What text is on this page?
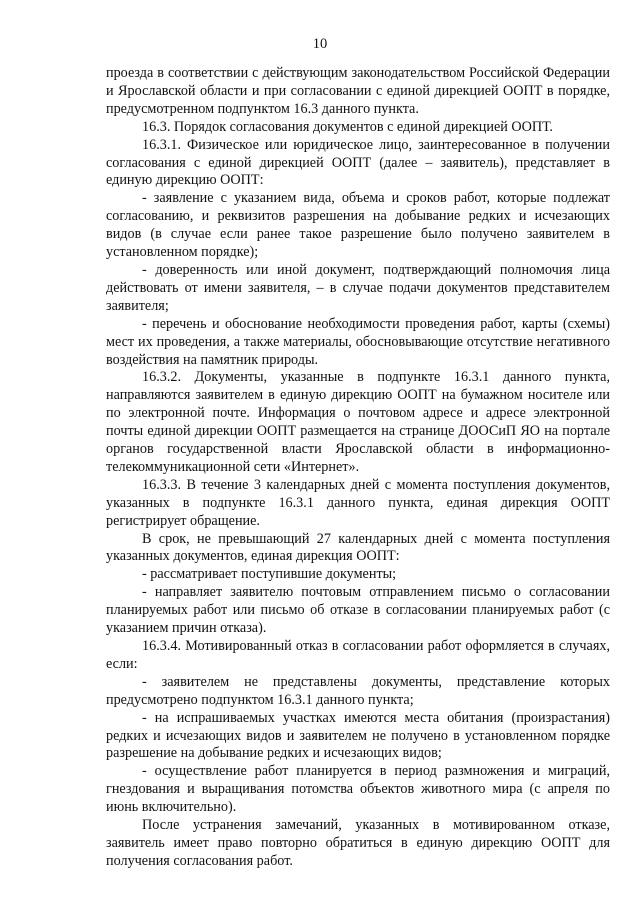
10

проезда в соответствии с действующим законодательством Российской Федерации и Ярославской области и при согласовании с единой дирекцией ООПТ в порядке, предусмотренном подпунктом 16.3 данного пункта.

16.3. Порядок согласования документов с единой дирекцией ООПТ.

16.3.1. Физическое или юридическое лицо, заинтересованное в получении согласования с единой дирекцией ООПТ (далее – заявитель), представляет в единую дирекцию ООПТ:

- заявление с указанием вида, объема и сроков работ, которые подлежат согласованию, и реквизитов разрешения на добывание редких и исчезающих видов (в случае если ранее такое разрешение было получено заявителем в установленном порядке);

- доверенность или иной документ, подтверждающий полномочия лица действовать от имени заявителя, – в случае подачи документов представителем заявителя;

- перечень и обоснование необходимости проведения работ, карты (схемы) мест их проведения, а также материалы, обосновывающие отсутствие негативного воздействия на памятник природы.

16.3.2. Документы, указанные в подпункте 16.3.1 данного пункта, направляются заявителем в единую дирекцию ООПТ на бумажном носителе или по электронной почте. Информация о почтовом адресе и адресе электронной почты единой дирекции ООПТ размещается на странице ДООСиП ЯО на портале органов государственной власти Ярославской области в информационно-телекоммуникационной сети «Интернет».

16.3.3. В течение 3 календарных дней с момента поступления документов, указанных в подпункте 16.3.1 данного пункта, единая дирекция ООПТ регистрирует обращение.

В срок, не превышающий 27 календарных дней с момента поступления указанных документов, единая дирекция ООПТ:

- рассматривает поступившие документы;

- направляет заявителю почтовым отправлением письмо о согласовании планируемых работ или письмо об отказе в согласовании планируемых работ (с указанием причин отказа).

16.3.4. Мотивированный отказ в согласовании работ оформляется в случаях, если:

- заявителем не представлены документы, представление которых предусмотрено подпунктом 16.3.1 данного пункта;

- на испрашиваемых участках имеются места обитания (произрастания) редких и исчезающих видов и заявителем не получено в установленном порядке разрешение на добывание редких и исчезающих видов;

- осуществление работ планируется в период размножения и миграций, гнездования и выращивания потомства объектов животного мира (с апреля по июнь включительно).

После устранения замечаний, указанных в мотивированном отказе, заявитель имеет право повторно обратиться в единую дирекцию ООПТ для получения согласования работ.
